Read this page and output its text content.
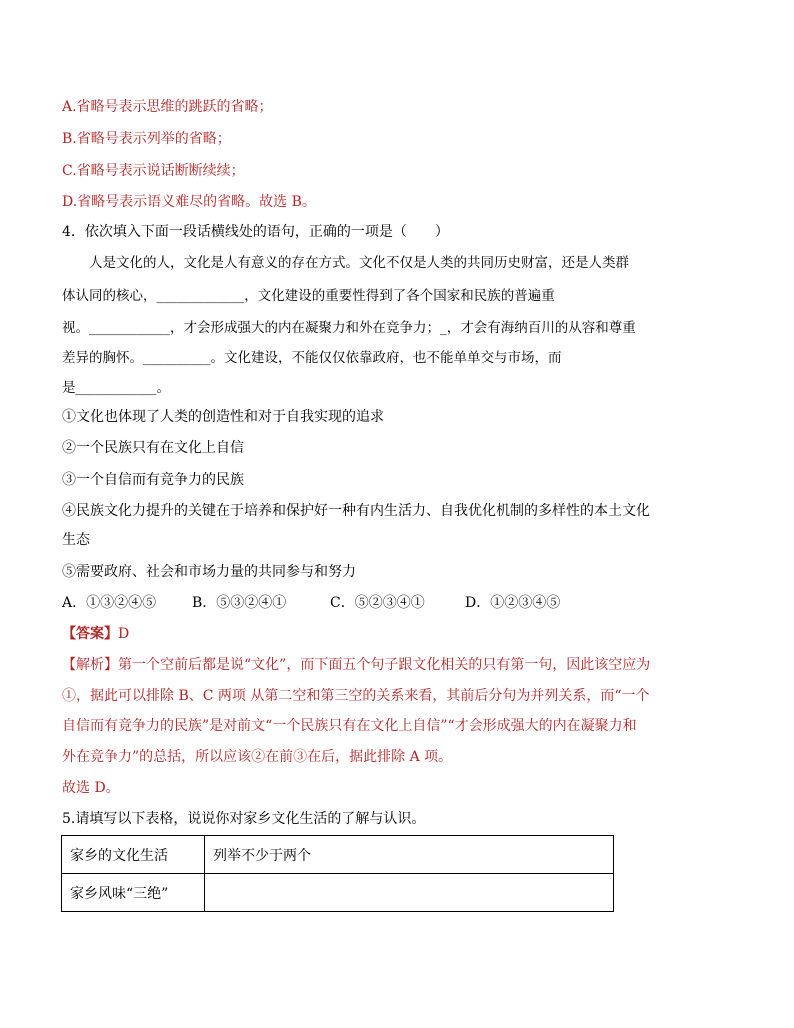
A.省略号表示思维的跳跃的省略；
B.省略号表示列举的省略；
C.省略号表示说话断断续续；
D.省略号表示语义难尽的省略。故选 B。
4．依次填入下面一段话横线处的语句，正确的一项是（　　）
　　人是文化的人，文化是人有意义的存在方式。文化不仅是人类的共同历史财富，还是人类群
体认同的核心，_____________，文化建设的重要性得到了各个国家和民族的普遍重
视。____________，才会形成强大的内在凝聚力和外在竞争力；_，才会有海纳百川的从容和尊重
差异的胸怀。__________。文化建设，不能仅仅依靠政府，也不能单单交与市场，而
是____________。
①文化也体现了人类的创造性和对于自我实现的追求
②一个民族只有在文化上自信
③一个自信而有竞争力的民族
④民族文化力提升的关键在于培养和保护好一种有内生活力、自我优化机制的多样性的本土文化
生态
⑤需要政府、社会和市场力量的共同参与和努力
A．①③②④⑤	B．⑤③②④①	C．⑤②③④①	D．①②③④⑤
【答案】D
【解析】第一个空前后都是说“文化”，而下面五个句子跟文化相关的只有第一句，因此该空应为
①，据此可以排除 B、C 两项 从第二空和第三空的关系来看，其前后分句为并列关系，而“一个
自信而有竞争力的民族”是对前文“一个民族只有在文化上自信”“才会形成强大的内在凝聚力和
外在竞争力”的总括，所以应该②在前③在后，据此排除 A 项。
故选 D。
5.请填写以下表格，说说你对家乡文化生活的了解与认识。
家乡的文化生活	列举不少于两个
家乡风味“三绝”	
